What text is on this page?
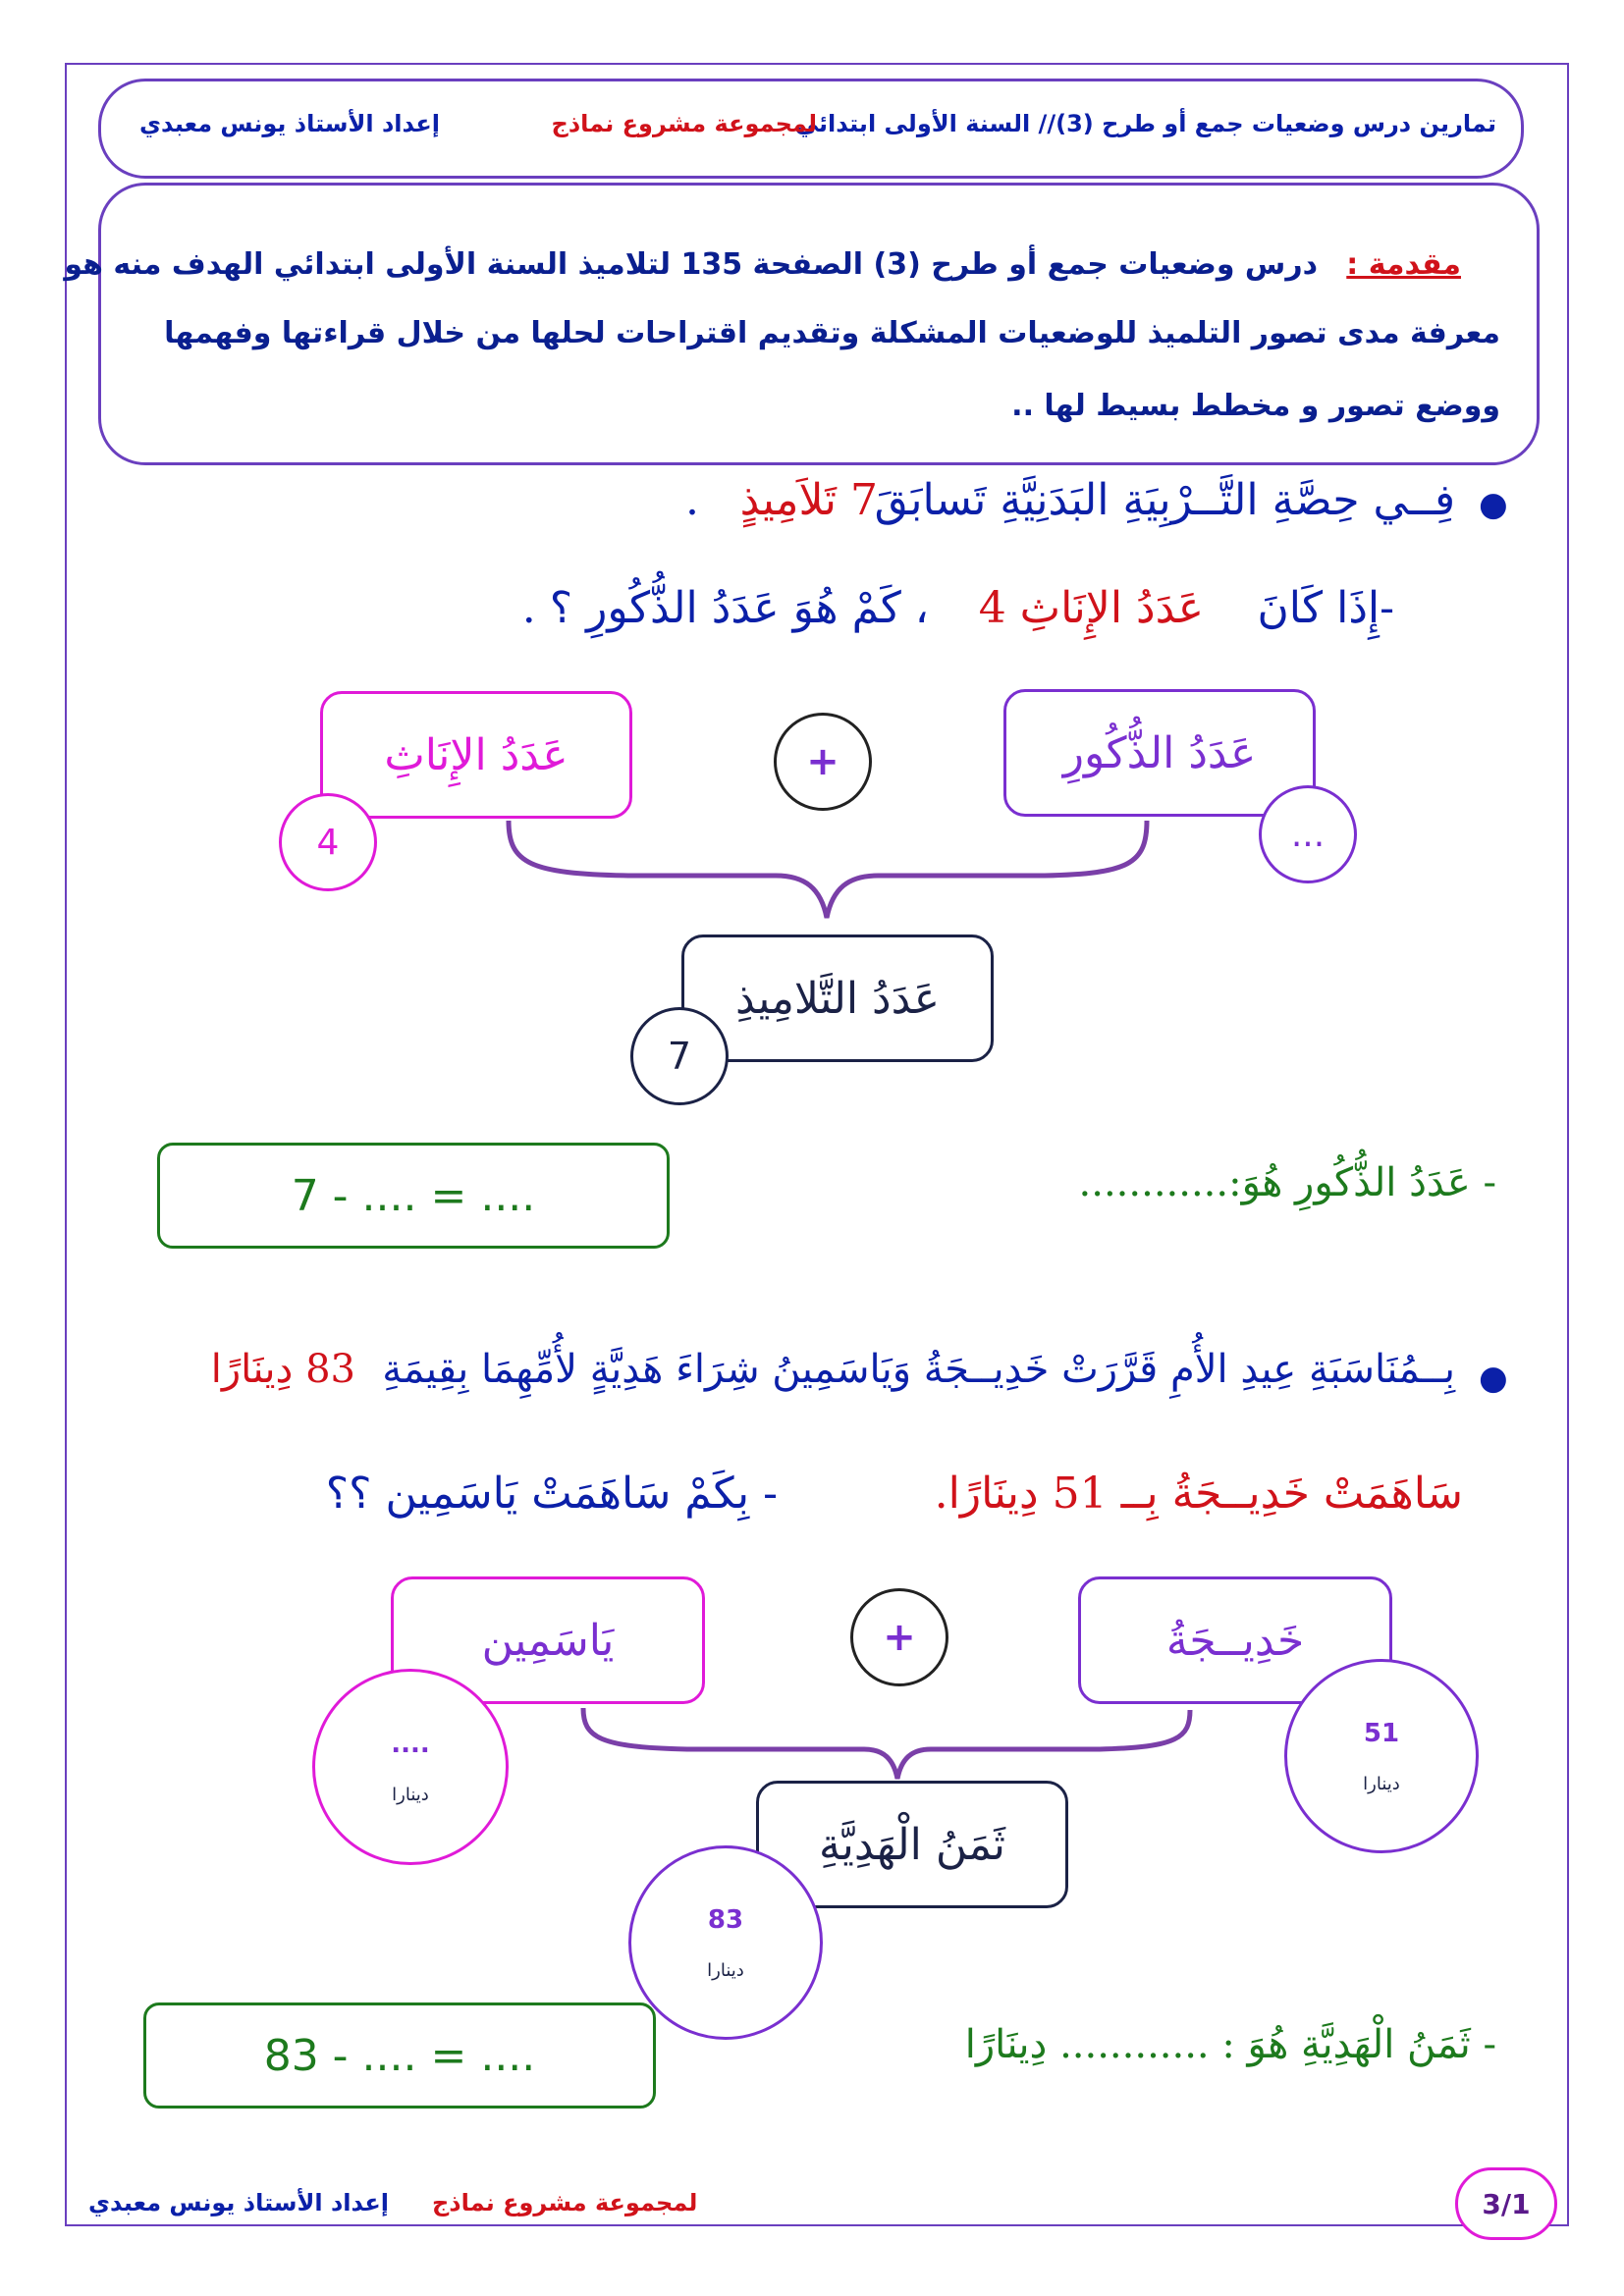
تمارين درس وضعيات جمع أو طرح (3)// السنة الأولى ابتدائي
لمجموعة مشروع نماذج
إعداد الأستاذ يونس معبدي
مقدمة :
درس وضعيات جمع أو طرح (3) الصفحة 135 لتلاميذ السنة الأولى ابتدائي الهدف منه هو
معرفة مدى تصور التلميذ للوضعيات المشكلة وتقديم اقتراحات لحلها من خلال قراءتها وفهمها
ووضع تصور و مخطط بسيط لها ..
●
فِــي حِصَّةِ التَّــرْبِيَةِ البَدَنِيَّةِ تَسابَقَ
7 تَلاَمِيذٍ
.
-إِذَا كَانَ
عَدَدُ الإِنَاثِ 4
، كَمْ هُوَ عَدَدُ الذُّكُورِ ؟ .
عَدَدُ الإِنَاثِ
4
+	عَدَدُ الذُّكُورِ
...
عَدَدُ التَّلامِيذِ
7
7 - .... = ....	- عَدَدُ الذُّكُورِ هُوَ:............
●
بِــمُنَاسَبَةِ عِيدِ الأُمِ قَرَّرَتْ خَدِيــجَةُ وَيَاسَمِينُ شِرَاءَ هَدِيَّةٍ لأُمِّهِمَا بِقِيمَةِ
83 دِينَارًا
سَاهَمَتْ خَدِيــجَةُ بِــ 51 دِينَارًا.
- بِكَمْ سَاهَمَتْ يَاسَمِين ؟؟
يَاسَمِين
....
دينارا
+	خَدِيــجَةُ
51
دينارا
ثَمَنُ الْهَدِيَّةِ
83
دينارا
83 - .... = ....	- ثَمَنُ الْهَدِيَّةِ هُوَ : ............ دِينَارًا
إعداد الأستاذ يونس معبدي لمجموعة مشروع نماذج	3/1
